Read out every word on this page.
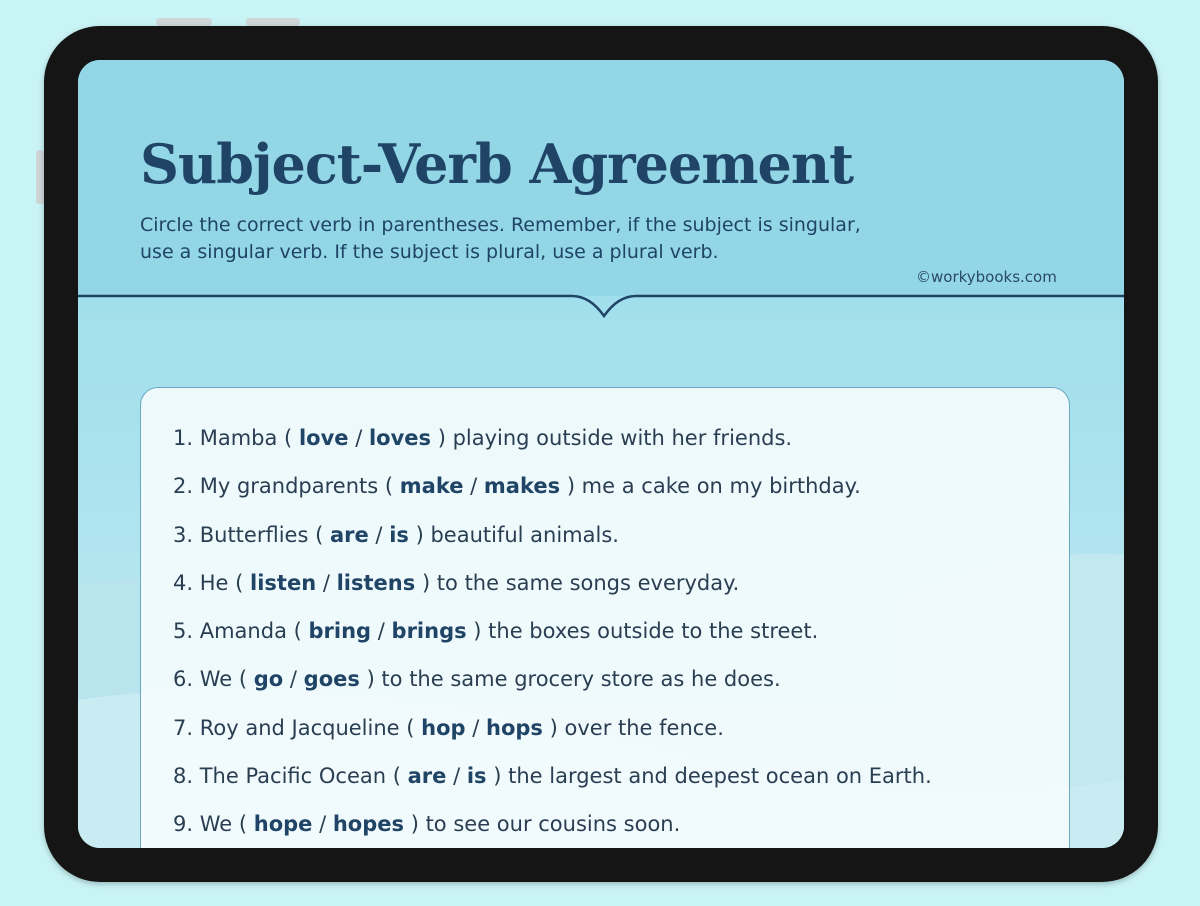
Subject-Verb Agreement

Circle the correct verb in parentheses. Remember, if the subject is singular, use a singular verb. If the subject is plural, use a plural verb.

©workybooks.com
1. Mamba ( love / loves ) playing outside with her friends.
2. My grandparents ( make / makes ) me a cake on my birthday.
3. Butterflies ( are / is ) beautiful animals.
4. He ( listen / listens ) to the same songs everyday.
5. Amanda ( bring / brings ) the boxes outside to the street.
6. We ( go / goes ) to the same grocery store as he does.
7. Roy and Jacqueline ( hop / hops ) over the fence.
8. The Pacific Ocean ( are / is ) the largest and deepest ocean on Earth.
9. We ( hope / hopes ) to see our cousins soon.
